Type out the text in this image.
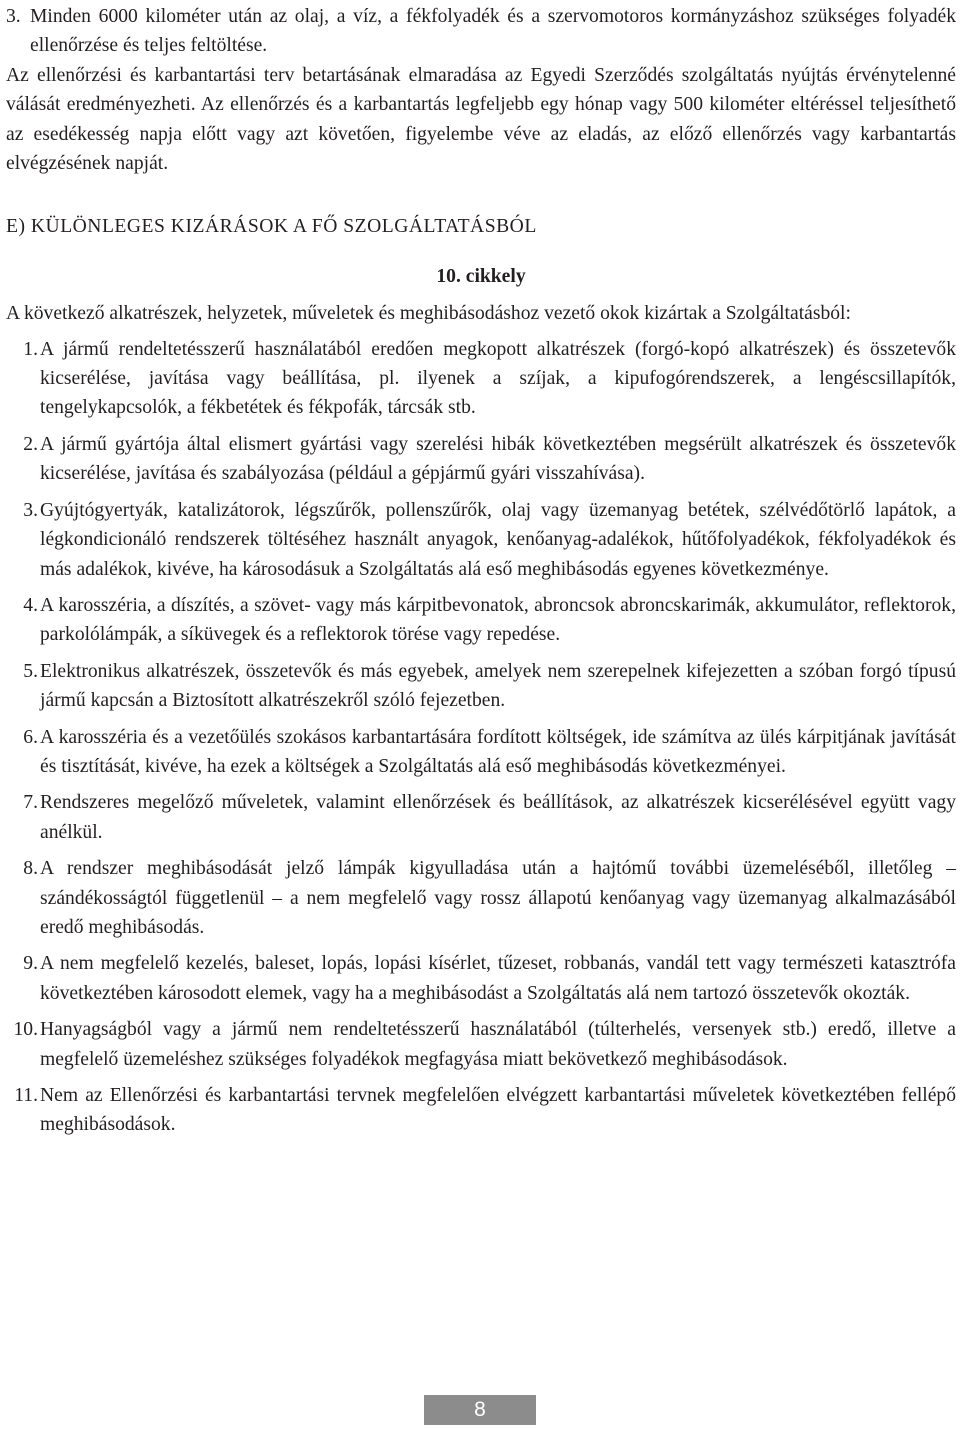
3. Minden 6000 kilométer után az olaj, a víz, a fékfolyadék és a szervomotoros kormányzáshoz szükséges folyadék ellenőrzése és teljes feltöltése.

Az ellenőrzési és karbantartási terv betartásának elmaradása az Egyedi Szerződés szolgáltatás nyújtás érvénytelenné válását eredményezheti. Az ellenőrzés és a karbantartás legfeljebb egy hónap vagy 500 kilométer eltéréssel teljesíthető az esedékesség napja előtt vagy azt követően, figyelembe véve az eladás, az előző ellenőrzés vagy karbantartás elvégzésének napját.

E) KÜLÖNLEGES KIZÁRÁSOK A FŐ SZOLGÁLTATÁSBÓL

10. cikkely

A következő alkatrészek, helyzetek, műveletek és meghibásodáshoz vezető okok kizártak a Szolgáltatásból:

1. A jármű rendeltetésszerű használatából eredően megkopott alkatrészek (forgó-kopó alkatrészek) és összetevők kicserélése, javítása vagy beállítása, pl. ilyenek a szíjak, a kipufogórendszerek, a lengéscsillapítók, tengelykapcsolók, a fékbetétek és fékpofák, tárcsák stb.
2. A jármű gyártója által elismert gyártási vagy szerelési hibák következtében megsérült alkatrészek és összetevők kicserélése, javítása és szabályozása (például a gépjármű gyári visszahívása).
3. Gyújtógyertyák, katalizátorok, légszűrők, pollenszűrők, olaj vagy üzemanyag betétek, szélvédőtörlő lapátok, a légkondicionáló rendszerek töltéséhez használt anyagok, kenőanyag-adalékok, hűtőfolyadékok, fékfolyadékok és más adalékok, kivéve, ha károsodásuk a Szolgáltatás alá eső meghibásodás egyenes következménye.
4. A karosszéria, a díszítés, a szövet- vagy más kárpitbevonatok, abroncsok abroncskarimák, akkumulátor, reflektorok, parkolólámpák, a síküvegek és a reflektorok törése vagy repedése.
5. Elektronikus alkatrészek, összetevők és más egyebek, amelyek nem szerepelnek kifejezetten a szóban forgó típusú jármű kapcsán a Biztosított alkatrészekről szóló fejezetben.
6. A karosszéria és a vezetőülés szokásos karbantartására fordított költségek, ide számítva az ülés kárpitjának javítását és tisztítását, kivéve, ha ezek a költségek a Szolgáltatás alá eső meghibásodás következményei.
7. Rendszeres megelőző műveletek, valamint ellenőrzések és beállítások, az alkatrészek kicserélésével együtt vagy anélkül.
8. A rendszer meghibásodását jelző lámpák kigyulladása után a hajtómű további üzemeléséből, illetőleg – szándékosságtól függetlenül – a nem megfelelő vagy rossz állapotú kenőanyag vagy üzemanyag alkalmazásából eredő meghibásodás.
9. A nem megfelelő kezelés, baleset, lopás, lopási kísérlet, tűzeset, robbanás, vandál tett vagy természeti katasztrófa következtében károsodott elemek, vagy ha a meghibásodást a Szolgáltatás alá nem tartozó összetevők okozták.
10. Hanyagságból vagy a jármű nem rendeltetésszerű használatából (túlterhelés, versenyek stb.) eredő, illetve a megfelelő üzemeléshez szükséges folyadékok megfagyása miatt bekövetkező meghibásodások.
11. Nem az Ellenőrzési és karbantartási tervnek megfelelően elvégzett karbantartási műveletek következtében fellépő meghibásodások.
8
